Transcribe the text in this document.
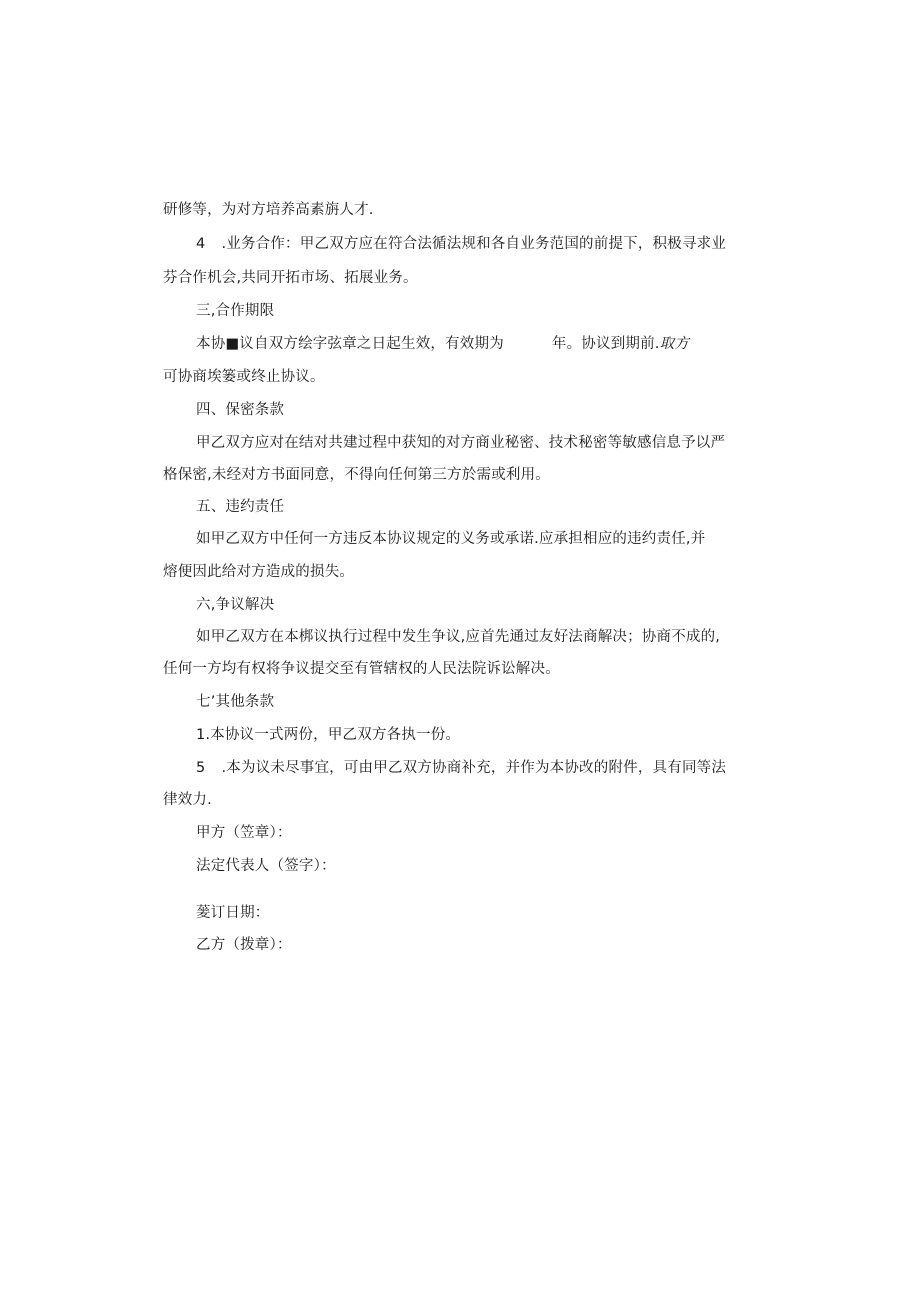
研修等，为对方培养高素旃人才.
4 .业务合作：甲乙双方应在符合法循法规和各自业务范国的前提下，积极寻求业
芬合作机会,共同开拓市场、拓展业务。
三,合作期限
本协■议自双方绘字弦章之日起生效，有效期为	年。协议到期前.取方
可协商埃篓或终止协议。
四、保密条款
甲乙双方应对在结对共建过程中获知的对方商业秘密、技术秘密等敏感信息予以严
格保密,未经对方书面同意，不得向任何第三方於需或利用。
五、违约责任
如甲乙双方中任何一方违反本协议规定的义务或承诺.应承担相应的违约责任,并
熔便因此给对方造成的损失。
六,争议解决
如甲乙双方在本梆议执行过程中发生争议,应首先通过友好法商解决；协商不成的,
任何一方均有权将争议提交至有管辖权的人民法院诉讼解决。
七’其他条款
1.本协议一式两份，甲乙双方各执一份。
5 .本为议未尽事宜，可由甲乙双方协商补充，并作为本协改的附件，具有同等法
律效力.
甲方（笠章）：
法定代表人（签字）：
蓌订日期：
乙方（拨章）：
